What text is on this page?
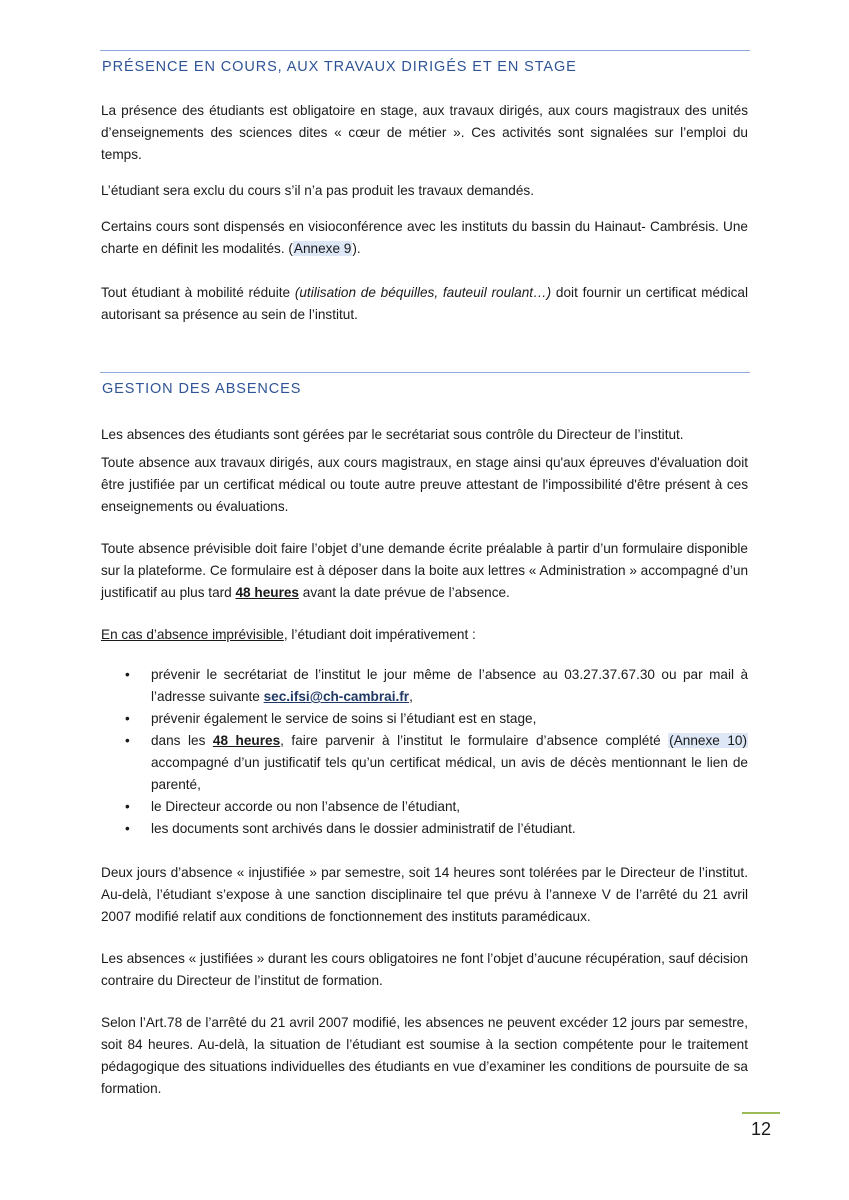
PRÉSENCE EN COURS, AUX TRAVAUX DIRIGÉS ET EN STAGE

La présence des étudiants est obligatoire en stage, aux travaux dirigés, aux cours magistraux des unités d’enseignements des sciences dites « cœur de métier ». Ces activités sont signalées sur l’emploi du temps.

L’étudiant sera exclu du cours s’il n’a pas produit les travaux demandés.

Certains cours sont dispensés en visioconférence avec les instituts du bassin du Hainaut- Cambrésis. Une charte en définit les modalités. (Annexe 9).

Tout étudiant à mobilité réduite (utilisation de béquilles, fauteuil roulant…) doit fournir un certificat médical autorisant sa présence au sein de l’institut.

GESTION DES ABSENCES

Les absences des étudiants sont gérées par le secrétariat sous contrôle du Directeur de l’institut.

Toute absence aux travaux dirigés, aux cours magistraux, en stage ainsi qu'aux épreuves d'évaluation doit être justifiée par un certificat médical ou toute autre preuve attestant de l'impossibilité d'être présent à ces enseignements ou évaluations.

Toute absence prévisible doit faire l’objet d’une demande écrite préalable à partir d’un formulaire disponible sur la plateforme. Ce formulaire est à déposer dans la boite aux lettres « Administration » accompagné d’un justificatif au plus tard 48 heures avant la date prévue de l’absence.

En cas d’absence imprévisible, l’étudiant doit impérativement :

• prévenir le secrétariat de l’institut le jour même de l’absence au 03.27.37.67.30 ou par mail à l’adresse suivante sec.ifsi@ch-cambrai.fr,
• prévenir également le service de soins si l’étudiant est en stage,
• dans les 48 heures, faire parvenir à l’institut le formulaire d’absence complété (Annexe 10) accompagné d’un justificatif tels qu’un certificat médical, un avis de décès mentionnant le lien de parenté,
• le Directeur accorde ou non l’absence de l’étudiant,
• les documents sont archivés dans le dossier administratif de l’étudiant.

Deux jours d’absence « injustifiée » par semestre, soit 14 heures sont tolérées par le Directeur de l’institut. Au-delà, l’étudiant s’expose à une sanction disciplinaire tel que prévu à l’annexe V de l’arrêté du 21 avril 2007 modifié relatif aux conditions de fonctionnement des instituts paramédicaux.

Les absences « justifiées » durant les cours obligatoires ne font l’objet d’aucune récupération, sauf décision contraire du Directeur de l’institut de formation.

Selon l’Art.78 de l’arrêté du 21 avril 2007 modifié, les absences ne peuvent excéder 12 jours par semestre, soit 84 heures. Au-delà, la situation de l’étudiant est soumise à la section compétente pour le traitement pédagogique des situations individuelles des étudiants en vue d’examiner les conditions de poursuite de sa formation.

12
